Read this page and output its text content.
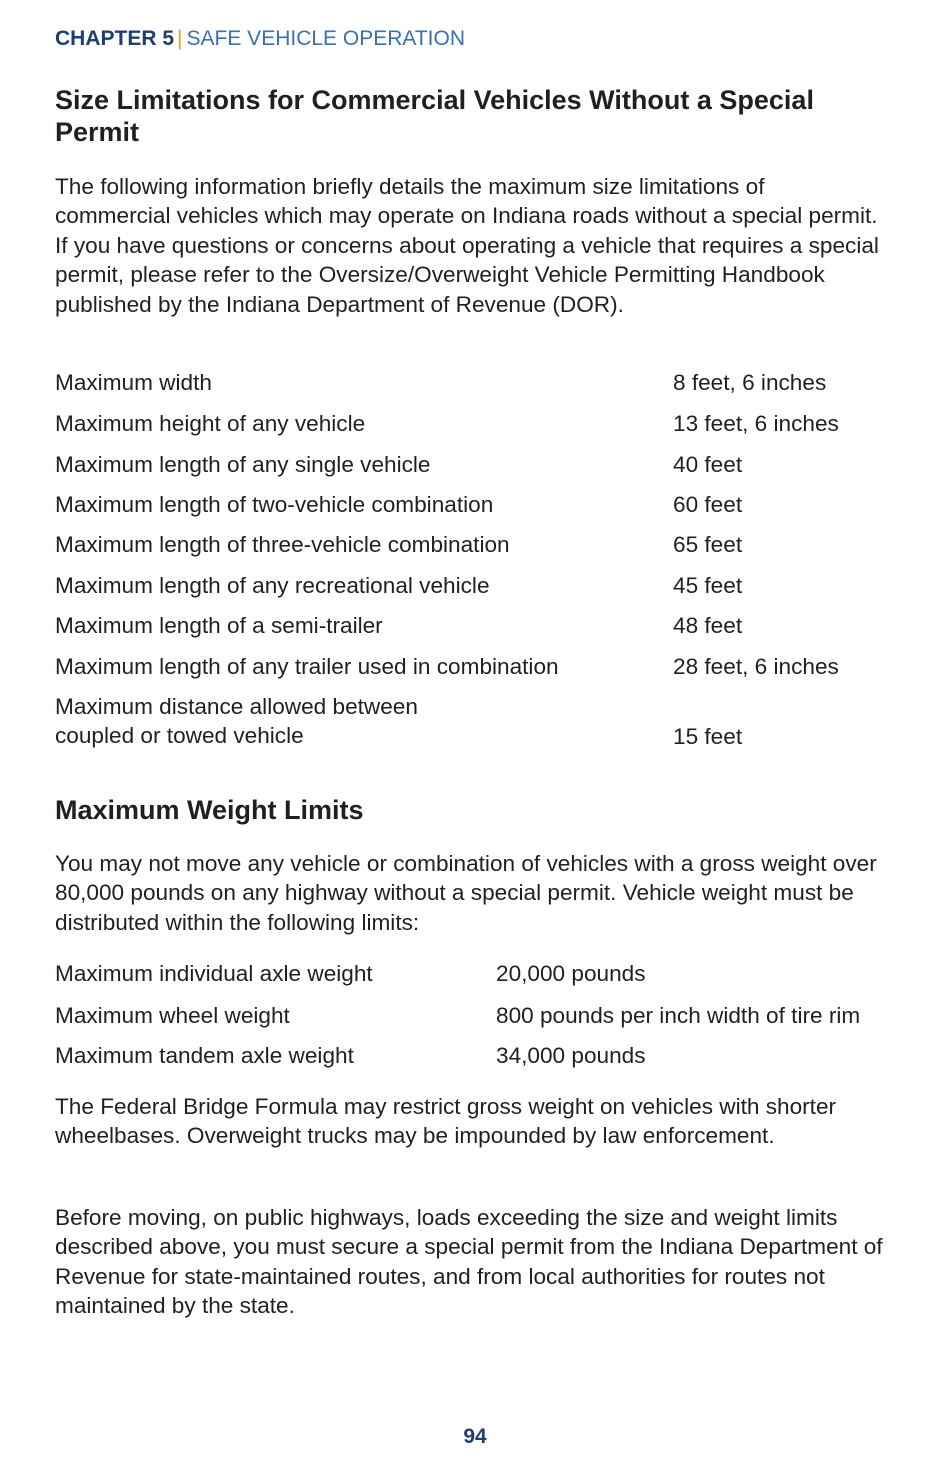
CHAPTER 5 | SAFE VEHICLE OPERATION
Size Limitations for Commercial Vehicles Without a Special Permit

The following information briefly details the maximum size limitations of commercial vehicles which may operate on Indiana roads without a special permit. If you have questions or concerns about operating a vehicle that requires a special permit, please refer to the Oversize/Overweight Vehicle Permitting Handbook published by the Indiana Department of Revenue (DOR).

Maximum width	8 feet, 6 inches
Maximum height of any vehicle	13 feet, 6 inches
Maximum length of any single vehicle	40 feet
Maximum length of two-vehicle combination	60 feet
Maximum length of three-vehicle combination	65 feet
Maximum length of any recreational vehicle	45 feet
Maximum length of a semi-trailer	48 feet
Maximum length of any trailer used in combination	28 feet, 6 inches
Maximum distance allowed between
coupled or towed vehicle	15 feet
Maximum Weight Limits

You may not move any vehicle or combination of vehicles with a gross weight over 80,000 pounds on any highway without a special permit. Vehicle weight must be distributed within the following limits:

Maximum individual axle weight	20,000 pounds
Maximum wheel weight	800 pounds per inch width of tire rim
Maximum tandem axle weight	34,000 pounds

The Federal Bridge Formula may restrict gross weight on vehicles with shorter wheelbases. Overweight trucks may be impounded by law enforcement.

Before moving, on public highways, loads exceeding the size and weight limits described above, you must secure a special permit from the Indiana Department of Revenue for state-maintained routes, and from local authorities for routes not maintained by the state.

94
